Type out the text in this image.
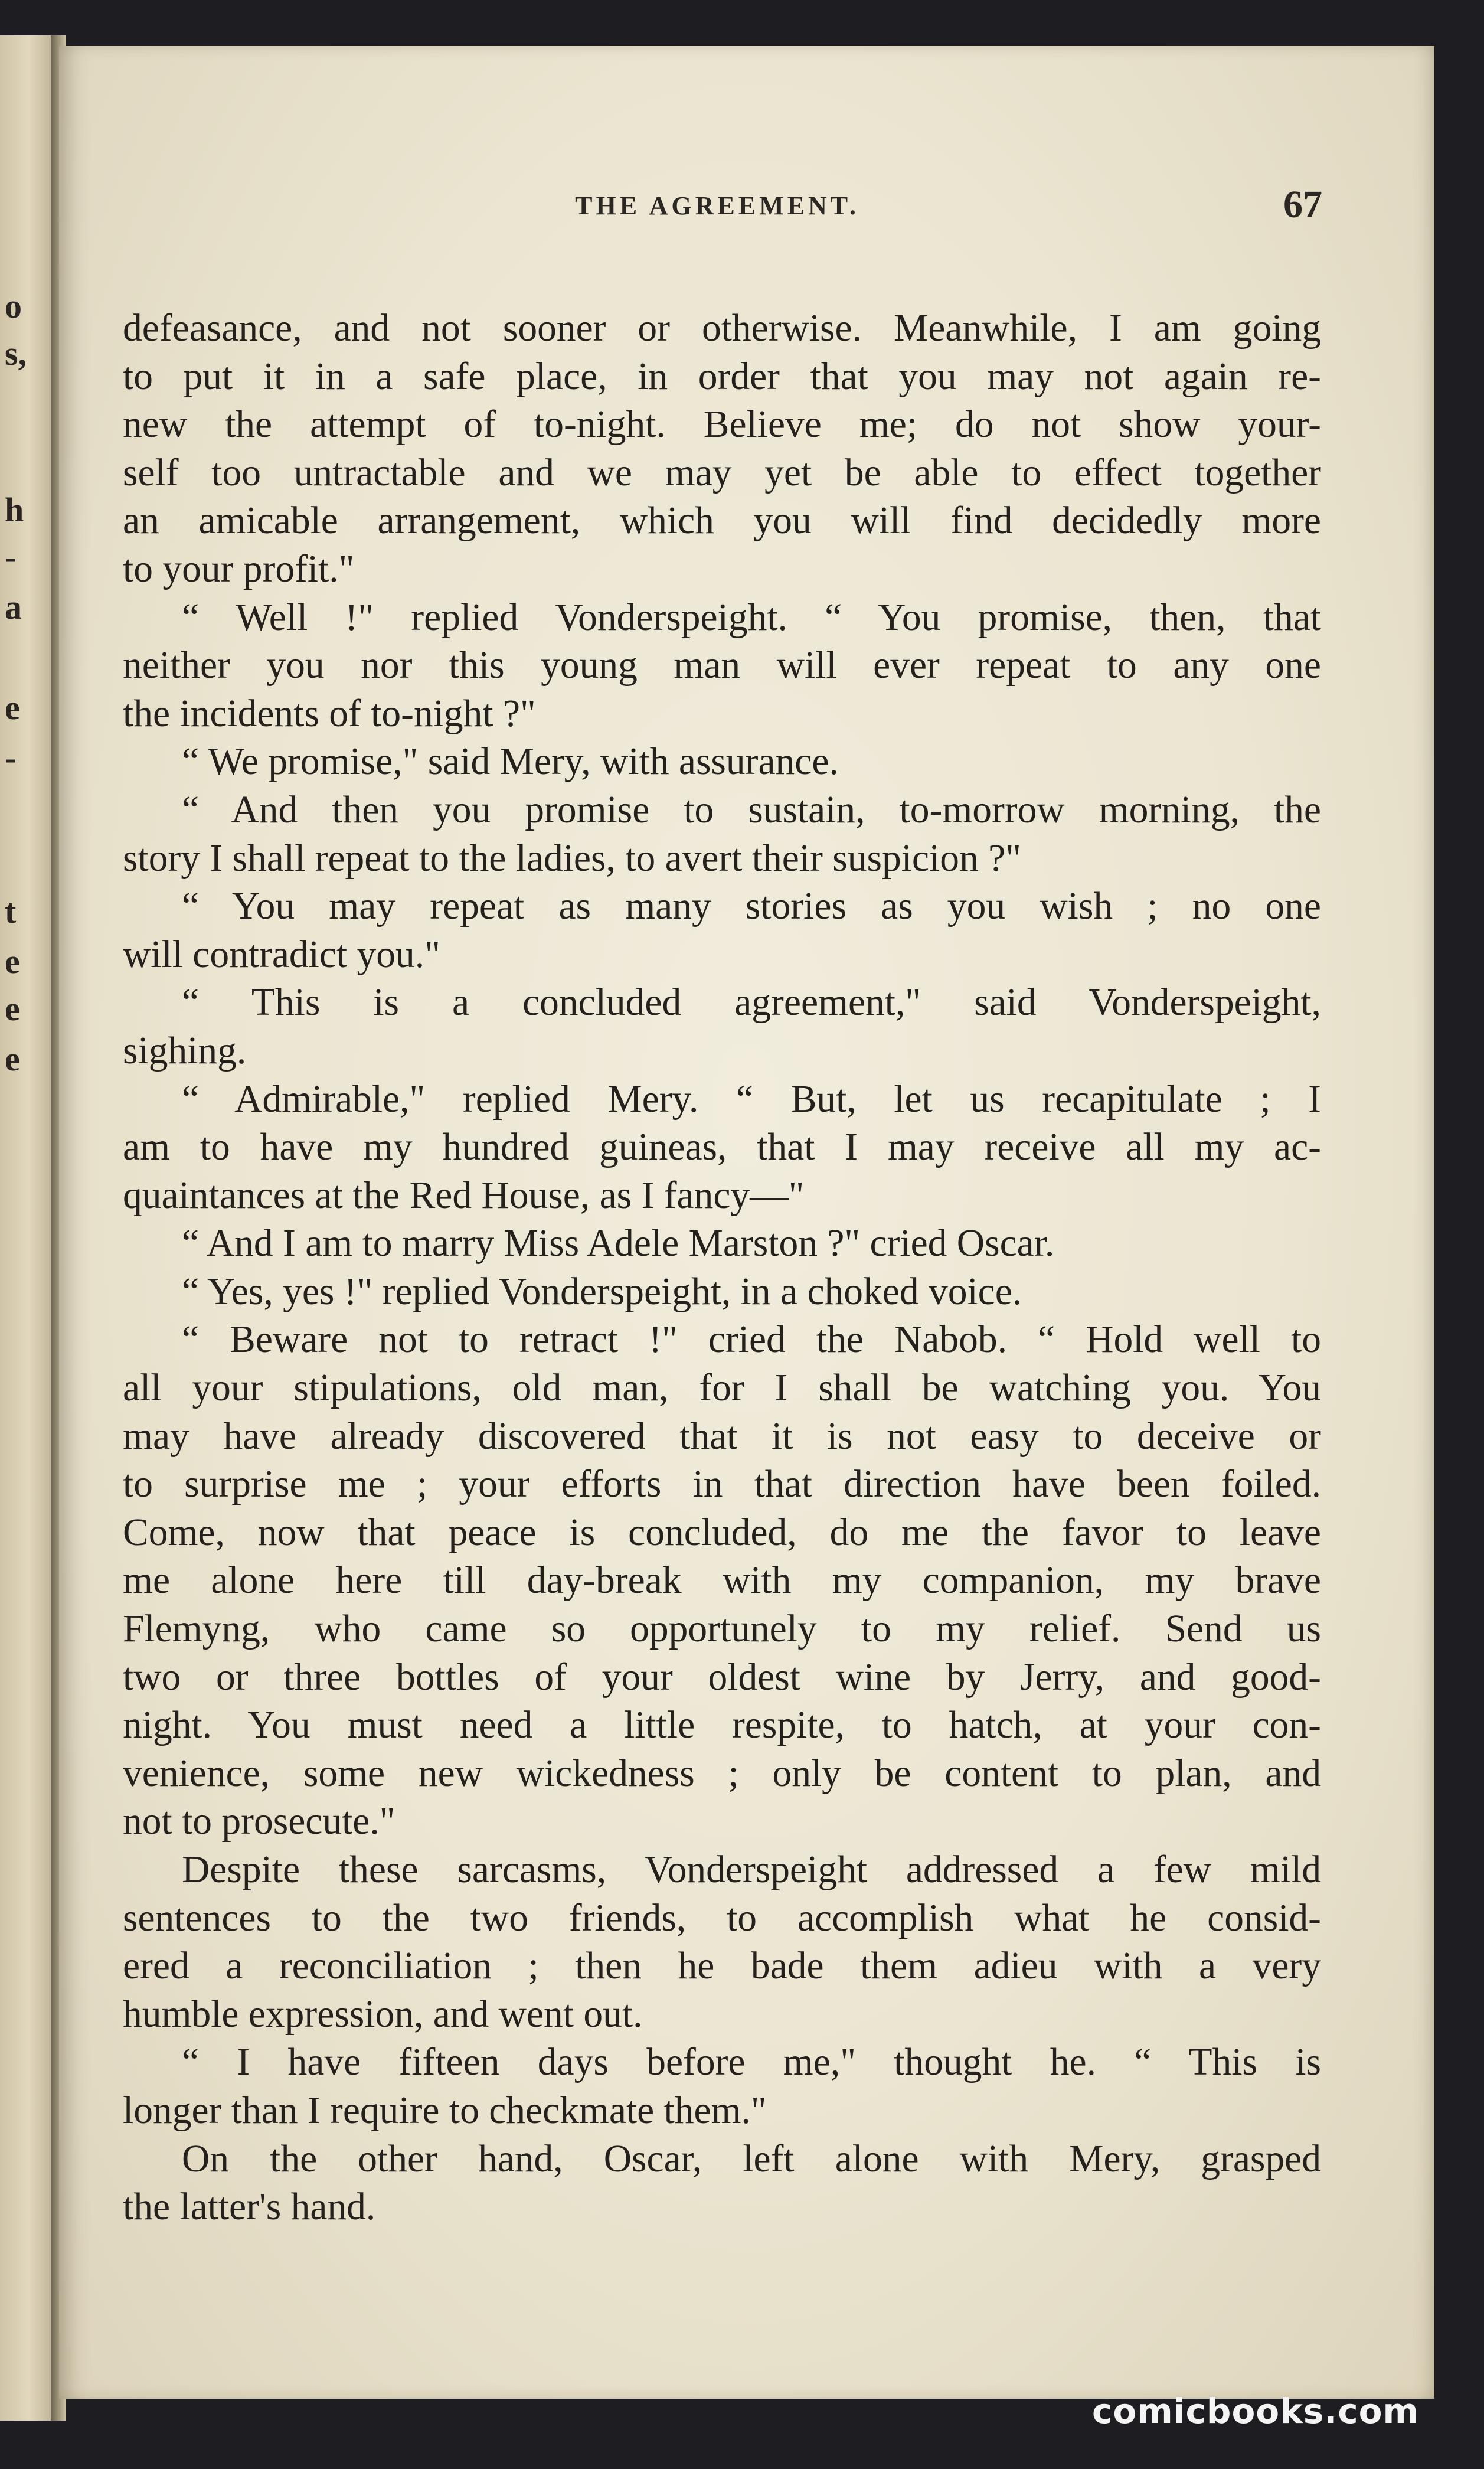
o
s,
h
-
a
e
-
t
e
e
e
THE AGREEMENT.	67
defeasance, and not sooner or otherwise. Meanwhile, I am going
to put it in a safe place, in order that you may not again re-
new the attempt of to-night. Believe me; do not show your-
self too untractable and we may yet be able to effect together
an amicable arrangement, which you will find decidedly more
to your profit."
“ Well !" replied Vonderspeight. “ You promise, then, that
neither you nor this young man will ever repeat to any one
the incidents of to-night ?"
“ We promise," said Mery, with assurance.
“ And then you promise to sustain, to-morrow morning, the
story I shall repeat to the ladies, to avert their suspicion ?"
“ You may repeat as many stories as you wish ; no one
will contradict you."
“ This is a concluded agreement," said Vonderspeight,
sighing.
“ Admirable," replied Mery. “ But, let us recapitulate ; I
am to have my hundred guineas, that I may receive all my ac-
quaintances at the Red House, as I fancy—"
“ And I am to marry Miss Adele Marston ?" cried Oscar.
“ Yes, yes !" replied Vonderspeight, in a choked voice.
“ Beware not to retract !" cried the Nabob. “ Hold well to
all your stipulations, old man, for I shall be watching you. You
may have already discovered that it is not easy to deceive or
to surprise me ; your efforts in that direction have been foiled.
Come, now that peace is concluded, do me the favor to leave
me alone here till day-break with my companion, my brave
Flemyng, who came so opportunely to my relief. Send us
two or three bottles of your oldest wine by Jerry, and good-
night. You must need a little respite, to hatch, at your con-
venience, some new wickedness ; only be content to plan, and
not to prosecute."
Despite these sarcasms, Vonderspeight addressed a few mild
sentences to the two friends, to accomplish what he consid-
ered a reconciliation ; then he bade them adieu with a very
humble expression, and went out.
“ I have fifteen days before me," thought he. “ This is
longer than I require to checkmate them."
On the other hand, Oscar, left alone with Mery, grasped
the latter's hand.
comicbooks.com
